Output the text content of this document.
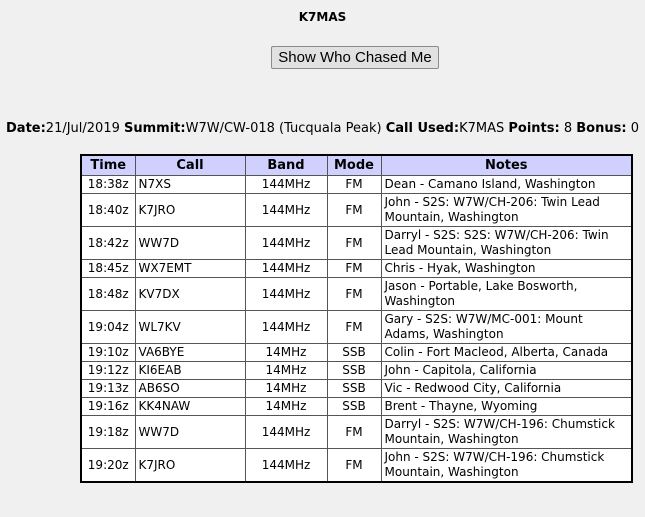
K7MAS
Show Who Chased Me
Date:21/Jul/2019 Summit:W7W/CW-018 (Tucquala Peak) Call Used:K7MAS Points: 8 Bonus: 0
Time	Call	Band	Mode	Notes
18:38z	N7XS	144MHz	FM	Dean - Camano Island, Washington
18:40z	K7JRO	144MHz	FM	John - S2S: W7W/CH-206: Twin Lead Mountain, Washington
18:42z	WW7D	144MHz	FM	Darryl - S2S: S2S: W7W/CH-206: Twin Lead Mountain, Washington
18:45z	WX7EMT	144MHz	FM	Chris - Hyak, Washington
18:48z	KV7DX	144MHz	FM	Jason - Portable, Lake Bosworth, Washington
19:04z	WL7KV	144MHz	FM	Gary - S2S: W7W/MC-001: Mount Adams, Washington
19:10z	VA6BYE	14MHz	SSB	Colin - Fort Macleod, Alberta, Canada
19:12z	KI6EAB	14MHz	SSB	John - Capitola, California
19:13z	AB6SO	14MHz	SSB	Vic - Redwood City, California
19:16z	KK4NAW	14MHz	SSB	Brent - Thayne, Wyoming
19:18z	WW7D	144MHz	FM	Darryl - S2S: W7W/CH-196: Chumstick Mountain, Washington
19:20z	K7JRO	144MHz	FM	John - S2S: W7W/CH-196: Chumstick Mountain, Washington
